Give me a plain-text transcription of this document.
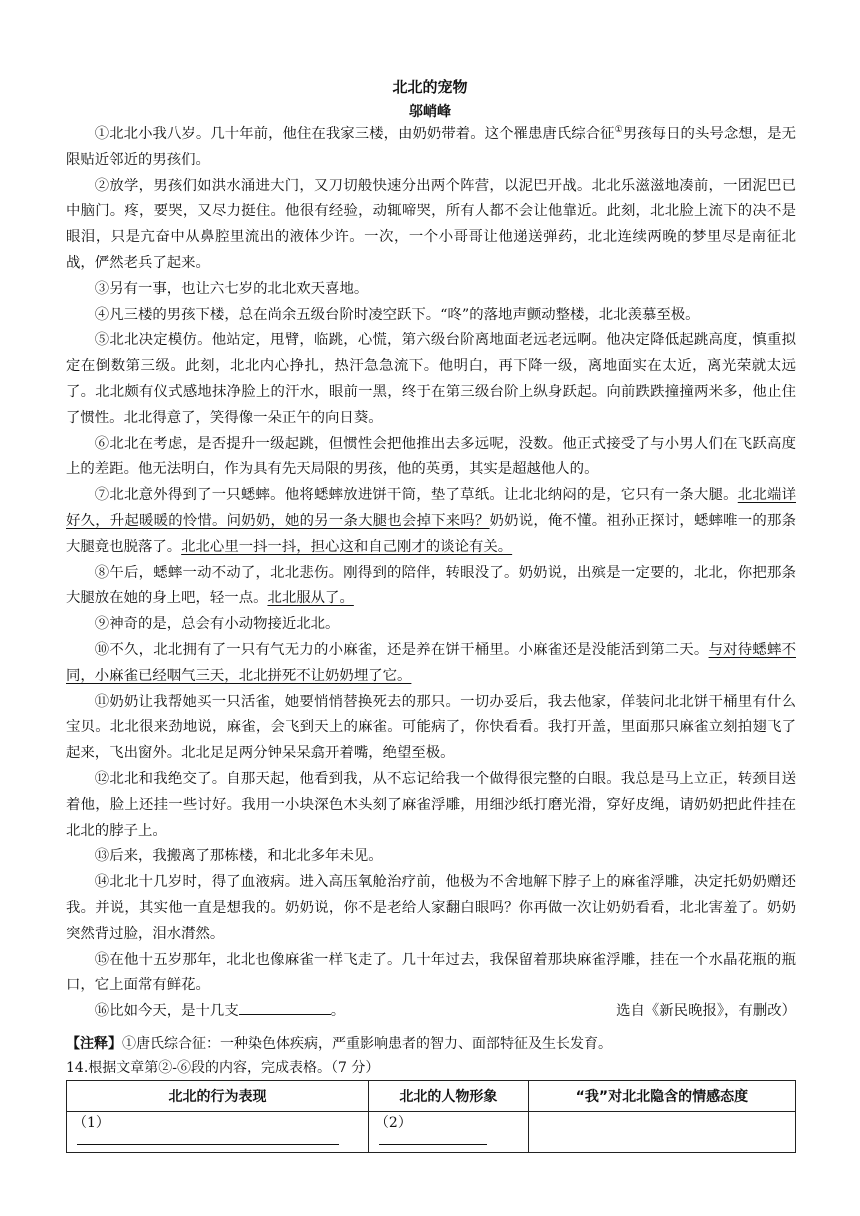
北北的宠物
邬峭峰

①北北小我八岁。几十年前，他住在我家三楼，由奶奶带着。这个罹患唐氏综合征①男孩每日的头号念想，是无限贴近邻近的男孩们。

②放学，男孩们如洪水涌进大门，又刀切般快速分出两个阵营，以泥巴开战。北北乐滋滋地凑前，一团泥巴已中脑门。疼，要哭，又尽力挺住。他很有经验，动辄啼哭，所有人都不会让他靠近。此刻，北北脸上流下的决不是眼泪，只是亢奋中从鼻腔里流出的液体少许。一次，一个小哥哥让他递送弹药，北北连续两晚的梦里尽是南征北战，俨然老兵了起来。

③另有一事，也让六七岁的北北欢天喜地。

④凡三楼的男孩下楼，总在尚余五级台阶时凌空跃下。“咚”的落地声颤动整楼，北北羡慕至极。

⑤北北决定模仿。他站定，甩臂，临跳，心慌，第六级台阶离地面老远老远啊。他决定降低起跳高度，慎重拟定在倒数第三级。此刻，北北内心挣扎，热汗急急流下。他明白，再下降一级，离地面实在太近，离光荣就太远了。北北颇有仪式感地抹净脸上的汗水，眼前一黑，终于在第三级台阶上纵身跃起。向前跌跌撞撞两米多，他止住了惯性。北北得意了，笑得像一朵正午的向日葵。

⑥北北在考虑，是否提升一级起跳，但惯性会把他推出去多远呢，没数。他正式接受了与小男人们在飞跃高度上的差距。他无法明白，作为具有先天局限的男孩，他的英勇，其实是超越他人的。

⑦北北意外得到了一只蟋蟀。他将蟋蟀放进饼干筒，垫了草纸。让北北纳闷的是，它只有一条大腿。北北端详好久，升起暖暖的怜惜。问奶奶，她的另一条大腿也会掉下来吗？奶奶说，俺不懂。祖孙正探讨，蟋蟀唯一的那条大腿竟也脱落了。北北心里一抖一抖，担心这和自己刚才的谈论有关。

⑧午后，蟋蟀一动不动了，北北悲伤。刚得到的陪伴，转眼没了。奶奶说，出殡是一定要的，北北，你把那条大腿放在她的身上吧，轻一点。北北服从了。

⑨神奇的是，总会有小动物接近北北。

⑩不久，北北拥有了一只有气无力的小麻雀，还是养在饼干桶里。小麻雀还是没能活到第二天。与对待蟋蟀不同，小麻雀已经咽气三天，北北拼死不让奶奶埋了它。

⑪奶奶让我帮她买一只活雀，她要悄悄替换死去的那只。一切办妥后，我去他家，佯装问北北饼干桶里有什么宝贝。北北很来劲地说，麻雀，会飞到天上的麻雀。可能病了，你快看看。我打开盖，里面那只麻雀立刻拍翅飞了起来，飞出窗外。北北足足两分钟呆呆翕开着嘴，绝望至极。

⑫北北和我绝交了。自那天起，他看到我，从不忘记给我一个做得很完整的白眼。我总是马上立正，转颈目送着他，脸上还挂一些讨好。我用一小块深色木头刻了麻雀浮雕，用细沙纸打磨光滑，穿好皮绳，请奶奶把此件挂在北北的脖子上。

⑬后来，我搬离了那栋楼，和北北多年未见。

⑭北北十几岁时，得了血液病。进入高压氧舱治疗前，他极为不舍地解下脖子上的麻雀浮雕，决定托奶奶赠还我。并说，其实他一直是想我的。奶奶说，你不是老给人家翻白眼吗？你再做一次让奶奶看看，北北害羞了。奶奶突然背过脸，泪水潸然。

⑮在他十五岁那年，北北也像麻雀一样飞走了。几十年过去，我保留着那块麻雀浮雕，挂在一个水晶花瓶的瓶口，它上面常有鲜花。

⑯比如今天，是十几支	。	选自《新民晚报》，有删改）

【注释】①唐氏综合征：一种染色体疾病，严重影响患者的智力、面部特征及生长发育。
14.根据文章第②-⑥段的内容，完成表格。（7 分）
北北的行为表现	北北的人物形象	“我”对北北隐含的情感态度
（1）	（2）	
